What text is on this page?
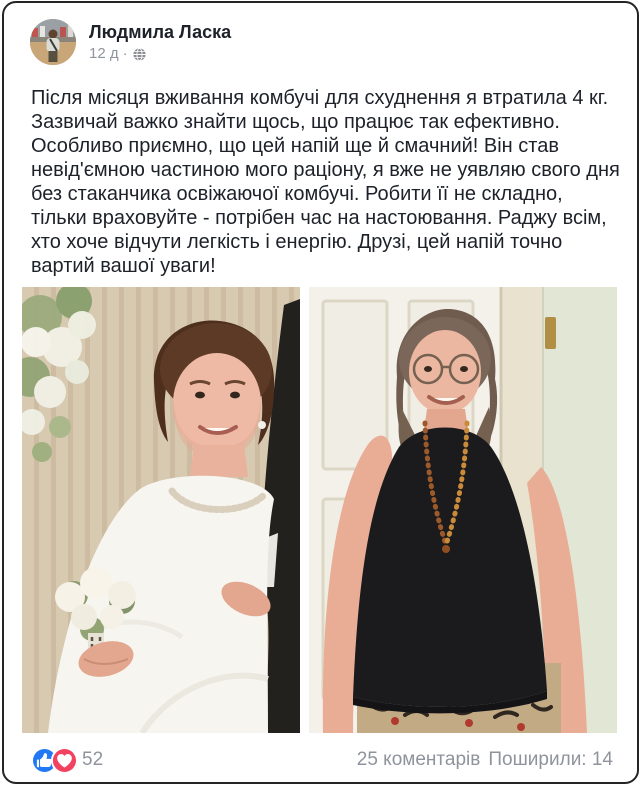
Людмила Ласка
12 д ·
Після місяця вживання комбучі для схуднення я втратила 4 кг. Зазвичай важко знайти щось, що працює так ефективно. Особливо приємно, що цей напій ще й смачний! Він став невід'ємною частиною мого раціону, я вже не уявляю свого дня без стаканчика освіжаючої комбучі. Робити її не складно, тільки враховуйте - потрібен час на настоювання. Раджу всім, хто хоче відчути легкість і енергію. Друзі, цей напій точно вартий вашої уваги!
52	25 коментарів Поширили: 14
